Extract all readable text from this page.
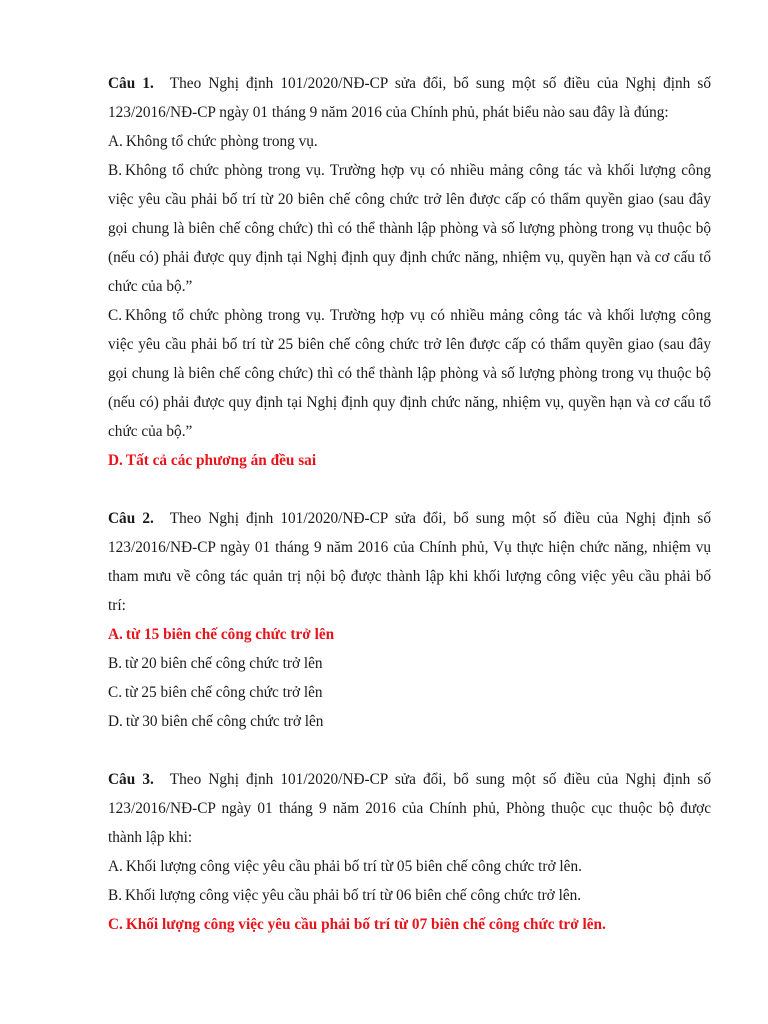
Câu 1. Theo Nghị định 101/2020/NĐ-CP sửa đổi, bổ sung một số điều của Nghị định số 123/2016/NĐ-CP ngày 01 tháng 9 năm 2016 của Chính phủ, phát biểu nào sau đây là đúng:

A. Không tổ chức phòng trong vụ.

B. Không tổ chức phòng trong vụ. Trường hợp vụ có nhiều mảng công tác và khối lượng công việc yêu cầu phải bố trí từ 20 biên chế công chức trở lên được cấp có thẩm quyền giao (sau đây gọi chung là biên chế công chức) thì có thể thành lập phòng và số lượng phòng trong vụ thuộc bộ (nếu có) phải được quy định tại Nghị định quy định chức năng, nhiệm vụ, quyền hạn và cơ cấu tổ chức của bộ.”

C. Không tổ chức phòng trong vụ. Trường hợp vụ có nhiều mảng công tác và khối lượng công việc yêu cầu phải bố trí từ 25 biên chế công chức trở lên được cấp có thẩm quyền giao (sau đây gọi chung là biên chế công chức) thì có thể thành lập phòng và số lượng phòng trong vụ thuộc bộ (nếu có) phải được quy định tại Nghị định quy định chức năng, nhiệm vụ, quyền hạn và cơ cấu tổ chức của bộ.”

D. Tất cả các phương án đều sai

Câu 2. Theo Nghị định 101/2020/NĐ-CP sửa đổi, bổ sung một số điều của Nghị định số 123/2016/NĐ-CP ngày 01 tháng 9 năm 2016 của Chính phủ, Vụ thực hiện chức năng, nhiệm vụ tham mưu về công tác quản trị nội bộ được thành lập khi khối lượng công việc yêu cầu phải bố trí:

A. từ 15 biên chế công chức trở lên

B. từ 20 biên chế công chức trở lên

C. từ 25 biên chế công chức trở lên

D. từ 30 biên chế công chức trở lên

Câu 3. Theo Nghị định 101/2020/NĐ-CP sửa đổi, bổ sung một số điều của Nghị định số 123/2016/NĐ-CP ngày 01 tháng 9 năm 2016 của Chính phủ, Phòng thuộc cục thuộc bộ được thành lập khi:

A. Khối lượng công việc yêu cầu phải bố trí từ 05 biên chế công chức trở lên.

B. Khối lượng công việc yêu cầu phải bố trí từ 06 biên chế công chức trở lên.

C. Khối lượng công việc yêu cầu phải bố trí từ 07 biên chế công chức trở lên.
